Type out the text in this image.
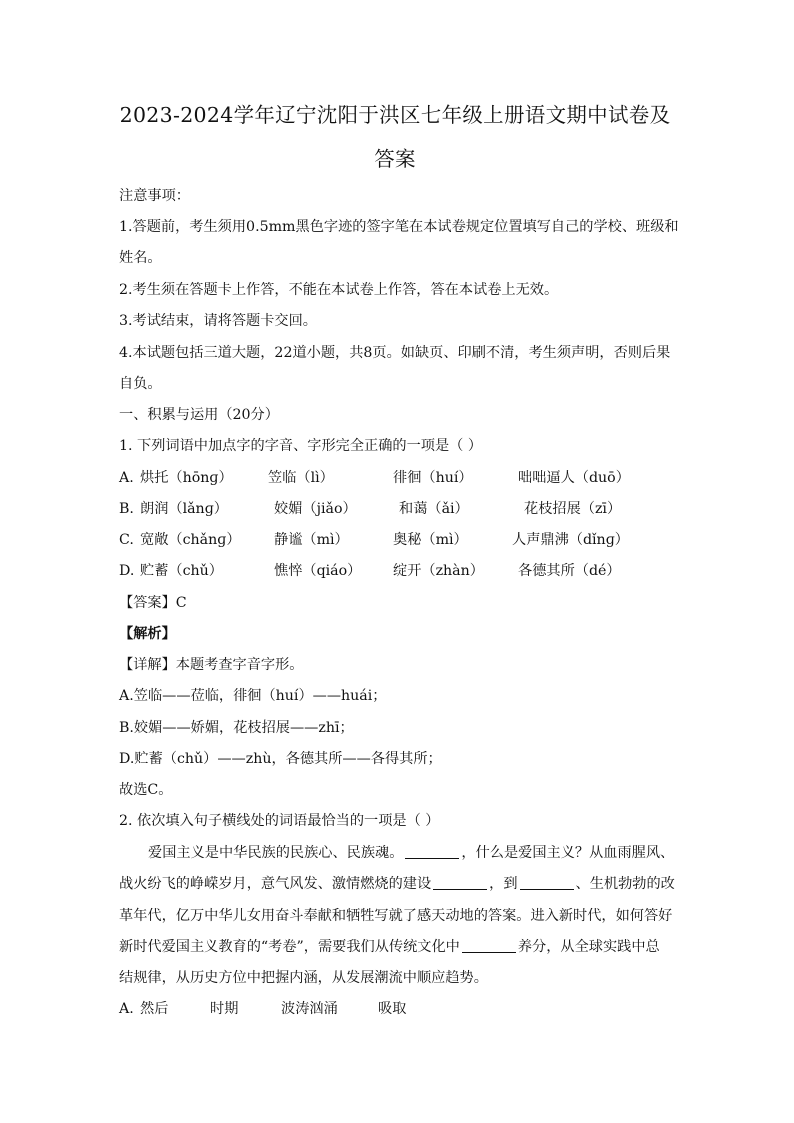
2023-2024学年辽宁沈阳于洪区七年级上册语文期中试卷及
答案
注意事项：
1.答题前，考生须用0.5mm黑色字迹的签字笔在本试卷规定位置填写自己的学校、班级和
姓名。
2.考生须在答题卡上作答，不能在本试卷上作答，答在本试卷上无效。
3.考试结束，请将答题卡交回。
4.本试题包括三道大题，22道小题，共8页。如缺页、印刷不清，考生须声明，否则后果
自负。
一、积累与运用（20分）
1. 下列词语中加点字的字音、字形完全正确的一项是（ ）
A. 烘托（hōnɡ） 笠临（lì）	徘徊（huí）	咄咄逼人（duō）
B. 朗润（lǎnɡ）	姣媚（jiǎo）	和蔼（ǎi）	花枝招展（zī）
C. 宽敞（chǎnɡ） 静谧（mì）	奥秘（mì）	人声鼎沸（dǐnɡ）
D. 贮蓄（chǔ）	憔悴（qiáo） 绽开（zhàn） 各德其所（dé）
【答案】C
【解析】
【详解】本题考查字音字形。
A.笠临——莅临，徘徊（huí）——huái；
B.姣媚——娇媚，花枝招展——zhī；
D.贮蓄（chǔ）——zhù，各德其所——各得其所；
故选C。
2. 依次填入句子横线处的词语最恰当的一项是（ ）
爱国主义是中华民族的民族心、民族魂。	，什么是爱国主义？从血雨腥风、
战火纷飞的峥嵘岁月，意气风发、激情燃烧的建设	，到	、生机勃勃的改
革年代，亿万中华儿女用奋斗奉献和牺牲写就了感天动地的答案。进入新时代，如何答好
新时代爱国主义教育的“考卷”，需要我们从传统文化中	养分，从全球实践中总
结规律，从历史方位中把握内涵，从发展潮流中顺应趋势。
A. 然后	时期	波涛汹涌	吸取
